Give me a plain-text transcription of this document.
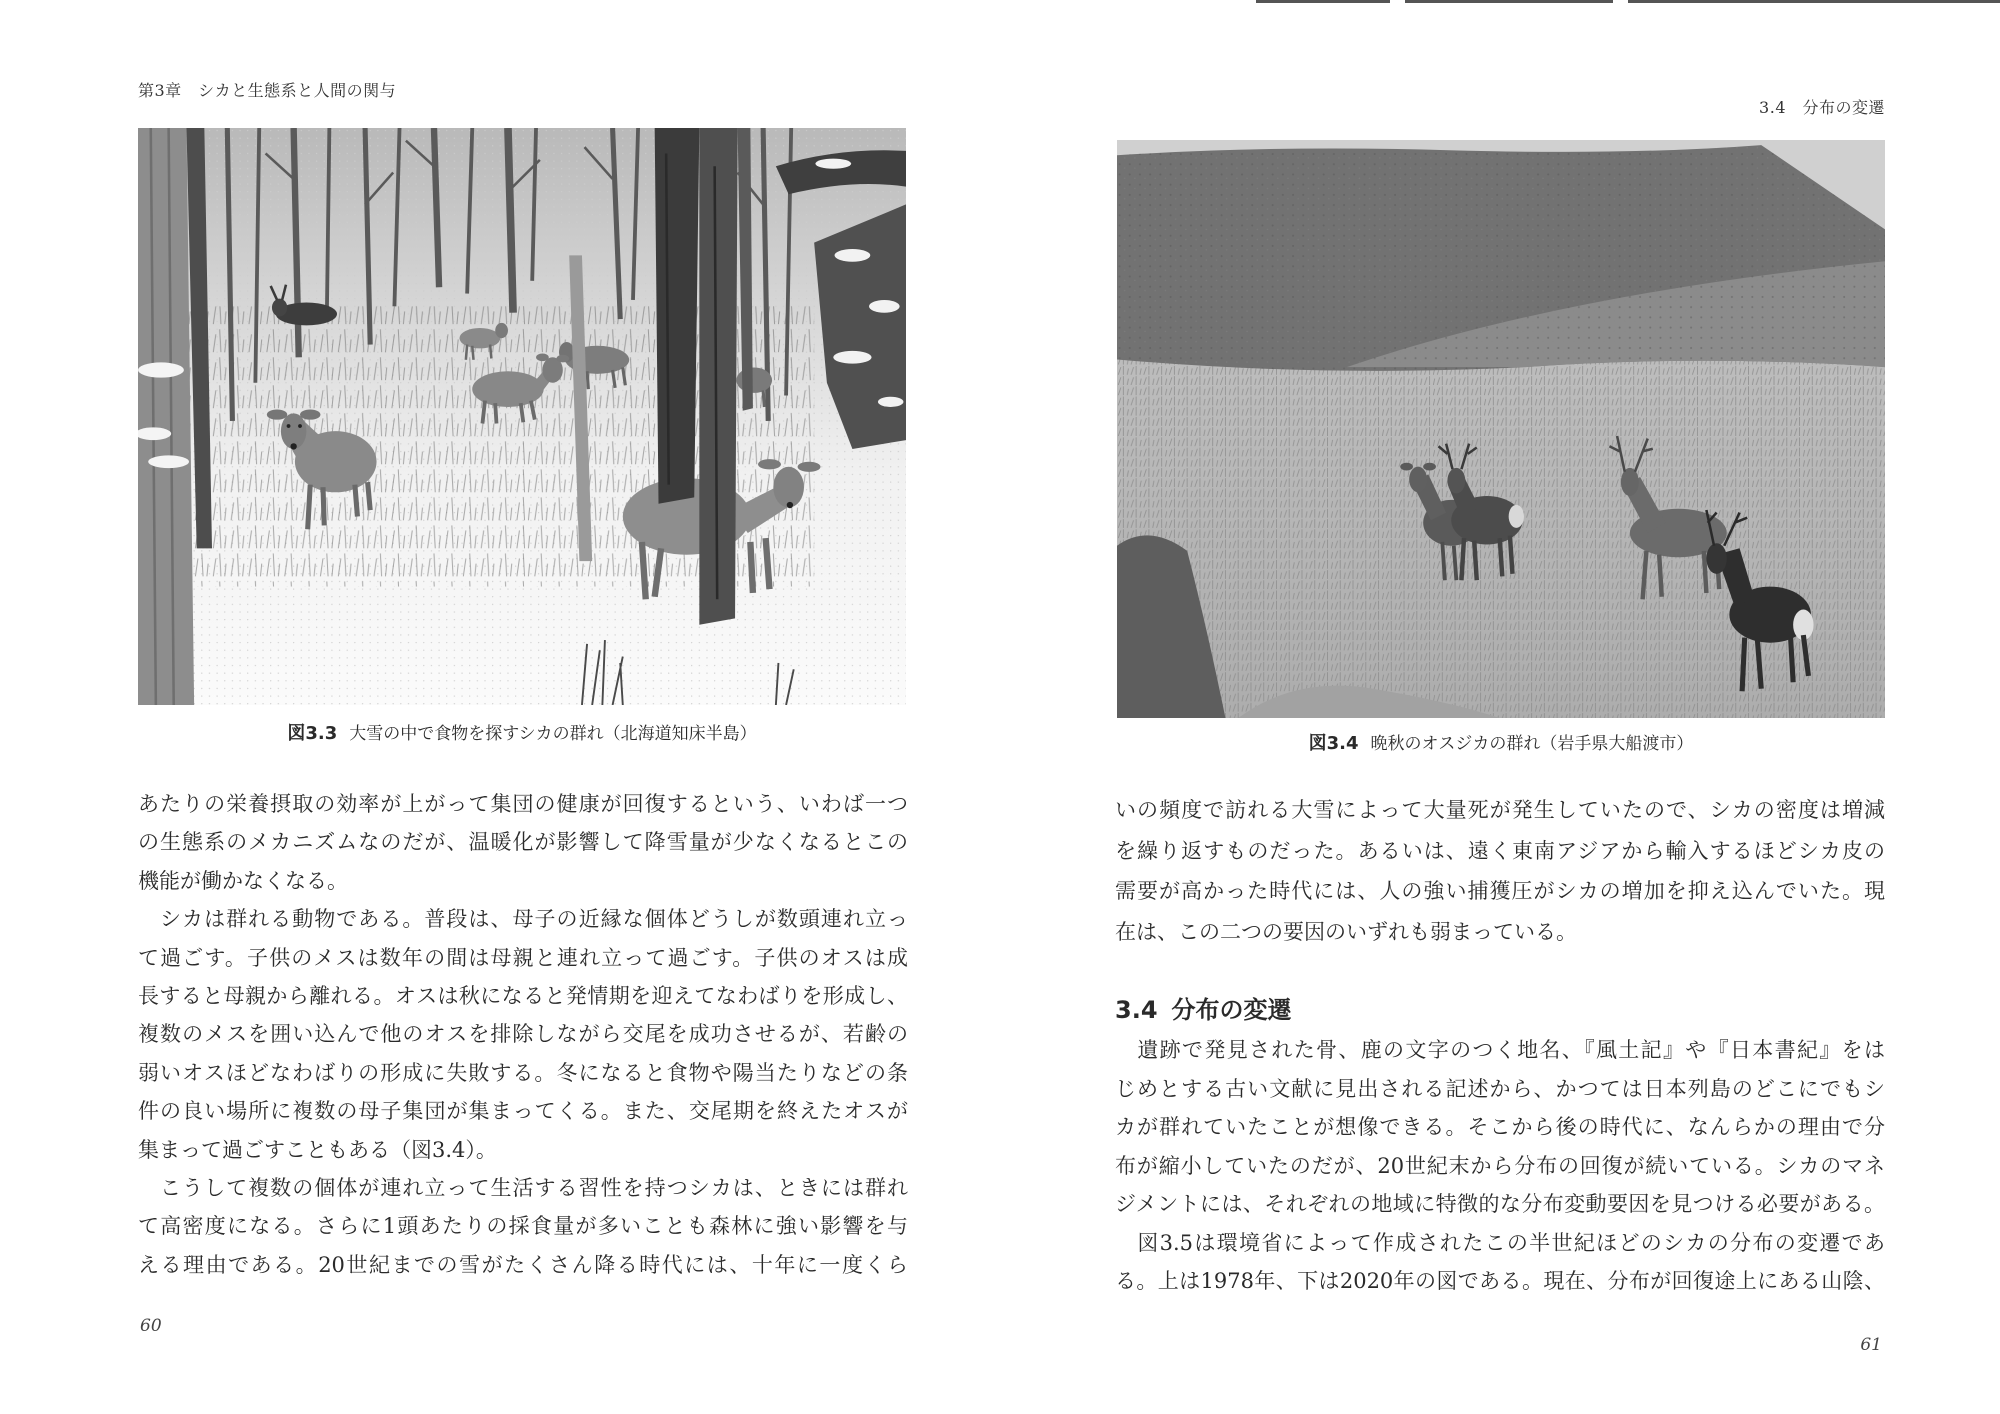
第3章　シカと生態系と人間の関与
図3.3 大雪の中で食物を探すシカの群れ（北海道知床半島）
あたりの栄養摂取の効率が上がって集団の健康が回復するという、いわば一つ
の生態系のメカニズムなのだが、温暖化が影響して降雪量が少なくなるとこの
機能が働かなくなる。
　シカは群れる動物である。普段は、母子の近縁な個体どうしが数頭連れ立っ
て過ごす。子供のメスは数年の間は母親と連れ立って過ごす。子供のオスは成
長すると母親から離れる。オスは秋になると発情期を迎えてなわばりを形成し、
複数のメスを囲い込んで他のオスを排除しながら交尾を成功させるが、若齢の
弱いオスほどなわばりの形成に失敗する。冬になると食物や陽当たりなどの条
件の良い場所に複数の母子集団が集まってくる。また、交尾期を終えたオスが
集まって過ごすこともある（図3.4）。
　こうして複数の個体が連れ立って生活する習性を持つシカは、ときには群れ
て高密度になる。さらに1頭あたりの採食量が多いことも森林に強い影響を与
える理由である。20世紀までの雪がたくさん降る時代には、十年に一度くら
60
3.4　分布の変遷
図3.4 晩秋のオスジカの群れ（岩手県大船渡市）
いの頻度で訪れる大雪によって大量死が発生していたので、シカの密度は増減
を繰り返すものだった。あるいは、遠く東南アジアから輸入するほどシカ皮の
需要が高かった時代には、人の強い捕獲圧がシカの増加を抑え込んでいた。現
在は、この二つの要因のいずれも弱まっている。
3.4 分布の変遷
　遺跡で発見された骨、鹿の文字のつく地名、『風土記』や『日本書紀』をは
じめとする古い文献に見出される記述から、かつては日本列島のどこにでもシ
カが群れていたことが想像できる。そこから後の時代に、なんらかの理由で分
布が縮小していたのだが、20世紀末から分布の回復が続いている。シカのマネ
ジメントには、それぞれの地域に特徴的な分布変動要因を見つける必要がある。
　図3.5は環境省によって作成されたこの半世紀ほどのシカの分布の変遷であ
る。上は1978年、下は2020年の図である。現在、分布が回復途上にある山陰、
61
